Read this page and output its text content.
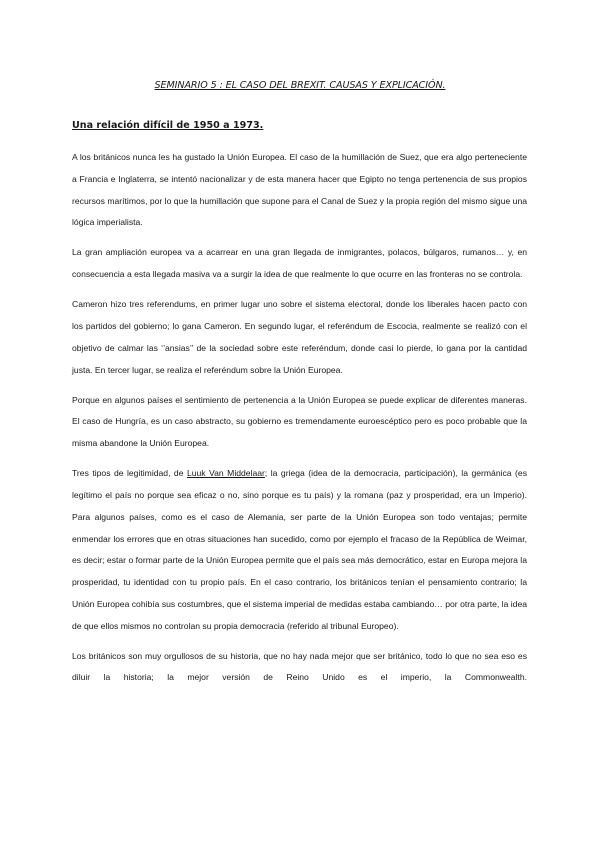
SEMINARIO 5 : EL CASO DEL BREXIT. CAUSAS Y EXPLICACIÓN.
Una relación difícil de 1950 a 1973.

A los británicos nunca les ha gustado la Unión Europea. El caso de la humillación de Suez, que era algo perteneciente a Francia e Inglaterra, se intentó nacionalizar y de esta manera hacer que Egipto no tenga pertenencia de sus propios recursos marítimos, por lo que la humillación que supone para el Canal de Suez y la propia región del mismo sigue una lógica imperialista.

La gran ampliación europea va a acarrear en una gran llegada de inmigrantes, polacos, búlgaros, rumanos… y, en consecuencia a esta llegada masiva va a surgir la idea de que realmente lo que ocurre en las fronteras no se controla.

Cameron hizo tres referendums, en primer lugar uno sobre el sistema electoral, donde los liberales hacen pacto con los partidos del gobierno; lo gana Cameron. En segundo lugar, el referéndum de Escocia, realmente se realizó con el objetivo de calmar las ‘’ansias’’ de la sociedad sobre este referéndum, donde casi lo pierde, lo gana por la cantidad justa. En tercer lugar, se realiza el referéndum sobre la Unión Europea.

Porque en algunos países el sentimiento de pertenencia a la Unión Europea se puede explicar de diferentes maneras. El caso de Hungría, es un caso abstracto, su gobierno es tremendamente euroescéptico pero es poco probable que la misma abandone la Unión Europea.

Tres tipos de legitimidad, de Luuk Van Middelaar; la griega (idea de la democracia, participación), la germánica (es legítimo el país no porque sea eficaz o no, sino porque es tu país) y la romana (paz y prosperidad, era un Imperio). Para algunos países, como es el caso de Alemania, ser parte de la Unión Europea son todo ventajas; permite enmendar los errores que en otras situaciones han sucedido, como por ejemplo el fracaso de la República de Weimar, es decir; estar o formar parte de la Unión Europea permite que el país sea más democrático, estar en Europa mejora la prosperidad, tu identidad con tu propio país. En el caso contrario, los británicos tenían el pensamiento contrario; la Unión Europea cohibía sus costumbres, que el sistema imperial de medidas estaba cambiando… por otra parte, la idea de que ellos mismos no controlan su propia democracia (referido al tribunal Europeo).

Los británicos son muy orgullosos de su historia, que no hay nada mejor que ser británico, todo lo que no sea eso es diluir la historia; la mejor versión de Reino Unido es el imperio, la Commonwealth.
